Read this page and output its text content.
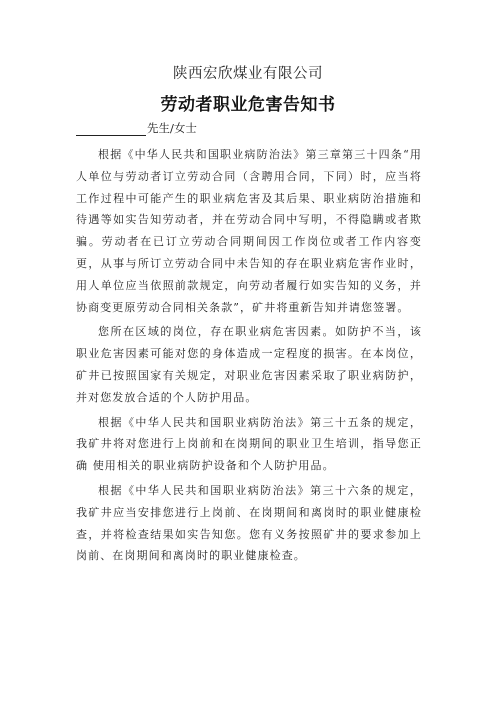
陕西宏欣煤业有限公司
劳动者职业危害告知书
先生/女士

根据《中华人民共和国职业病防治法》第三章第三十四条“用人单位与劳动者订立劳动合同（含聘用合同，下同）时，应当将工作过程中可能产生的职业病危害及其后果、职业病防治措施和待遇等如实告知劳动者，并在劳动合同中写明，不得隐瞒或者欺骗。劳动者在已订立劳动合同期间因工作岗位或者工作内容变更，从事与所订立劳动合同中未告知的存在职业病危害作业时，用人单位应当依照前款规定，向劳动者履行如实告知的义务，并协商变更原劳动合同相关条款”，矿井将重新告知并请您签署。

您所在区域的岗位，存在职业病危害因素。如防护不当，该职业危害因素可能对您的身体造成一定程度的损害。在本岗位，矿井已按照国家有关规定，对职业危害因素采取了职业病防护，并对您发放合适的个人防护用品。

根据《中华人民共和国职业病防治法》第三十五条的规定，我矿井将对您进行上岗前和在岗期间的职业卫生培训，指导您正确 使用相关的职业病防护设备和个人防护用品。

根据《中华人民共和国职业病防治法》第三十六条的规定，我矿井应当安排您进行上岗前、在岗期间和离岗时的职业健康检查，并将检查结果如实告知您。您有义务按照矿井的要求参加上岗前、在岗期间和离岗时的职业健康检查。
